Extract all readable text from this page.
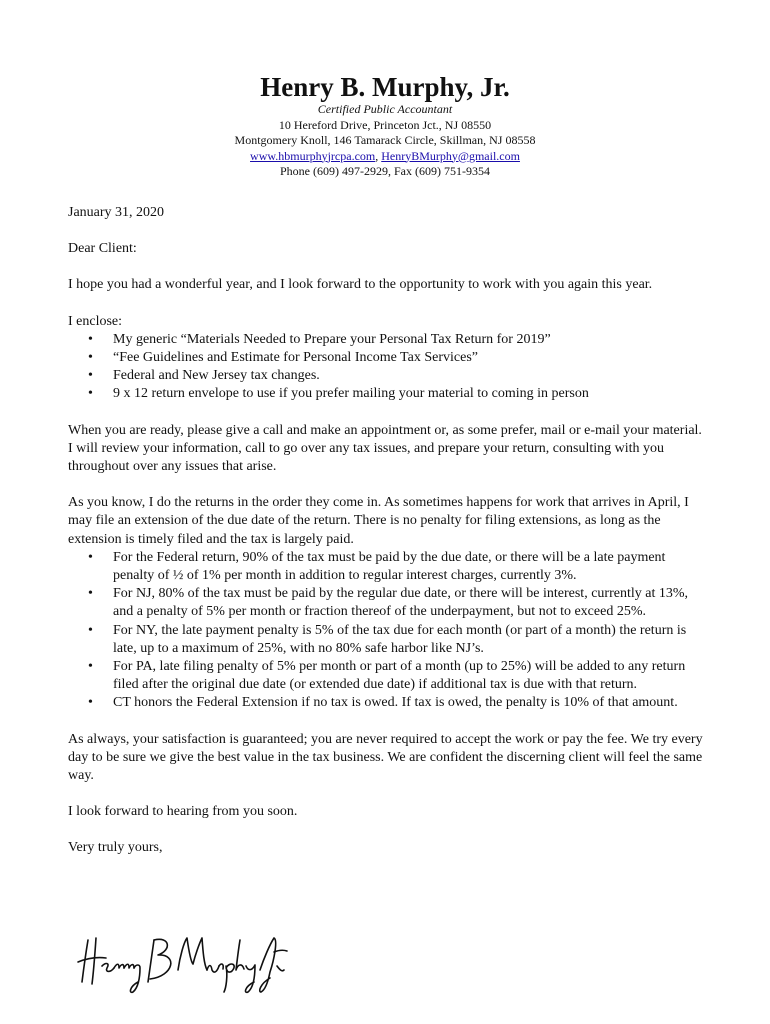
Henry B. Murphy, Jr.

Certified Public Accountant

10 Hereford Drive, Princeton Jct., NJ 08550

Montgomery Knoll, 146 Tamarack Circle, Skillman, NJ 08558

www.hbmurphyjrcpa.com, HenryBMurphy@gmail.com

Phone (609) 497-2929, Fax (609) 751-9354

January 31, 2020

Dear Client:

I hope you had a wonderful year, and I look forward to the opportunity to work with you again this year.

I enclose:

• My generic “Materials Needed to Prepare your Personal Tax Return for 2019”
• “Fee Guidelines and Estimate for Personal Income Tax Services”
• Federal and New Jersey tax changes.
• 9 x 12 return envelope to use if you prefer mailing your material to coming in person

When you are ready, please give a call and make an appointment or, as some prefer, mail or e-mail your material. I will review your information, call to go over any tax issues, and prepare your return, consulting with you throughout over any issues that arise.

As you know, I do the returns in the order they come in. As sometimes happens for work that arrives in April, I may file an extension of the due date of the return. There is no penalty for filing extensions, as long as the extension is timely filed and the tax is largely paid.

• For the Federal return, 90% of the tax must be paid by the due date, or there will be a late payment penalty of ½ of 1% per month in addition to regular interest charges, currently 3%.
• For NJ, 80% of the tax must be paid by the regular due date, or there will be interest, currently at 13%, and a penalty of 5% per month or fraction thereof of the underpayment, but not to exceed 25%.
• For NY, the late payment penalty is 5% of the tax due for each month (or part of a month) the return is late, up to a maximum of 25%, with no 80% safe harbor like NJ’s.
• For PA, late filing penalty of 5% per month or part of a month (up to 25%) will be added to any return filed after the original due date (or extended due date) if additional tax is due with that return.
• CT honors the Federal Extension if no tax is owed. If tax is owed, the penalty is 10% of that amount.

As always, your satisfaction is guaranteed; you are never required to accept the work or pay the fee. We try every day to be sure we give the best value in the tax business. We are confident the discerning client will feel the same way.

I look forward to hearing from you soon.

Very truly yours,
